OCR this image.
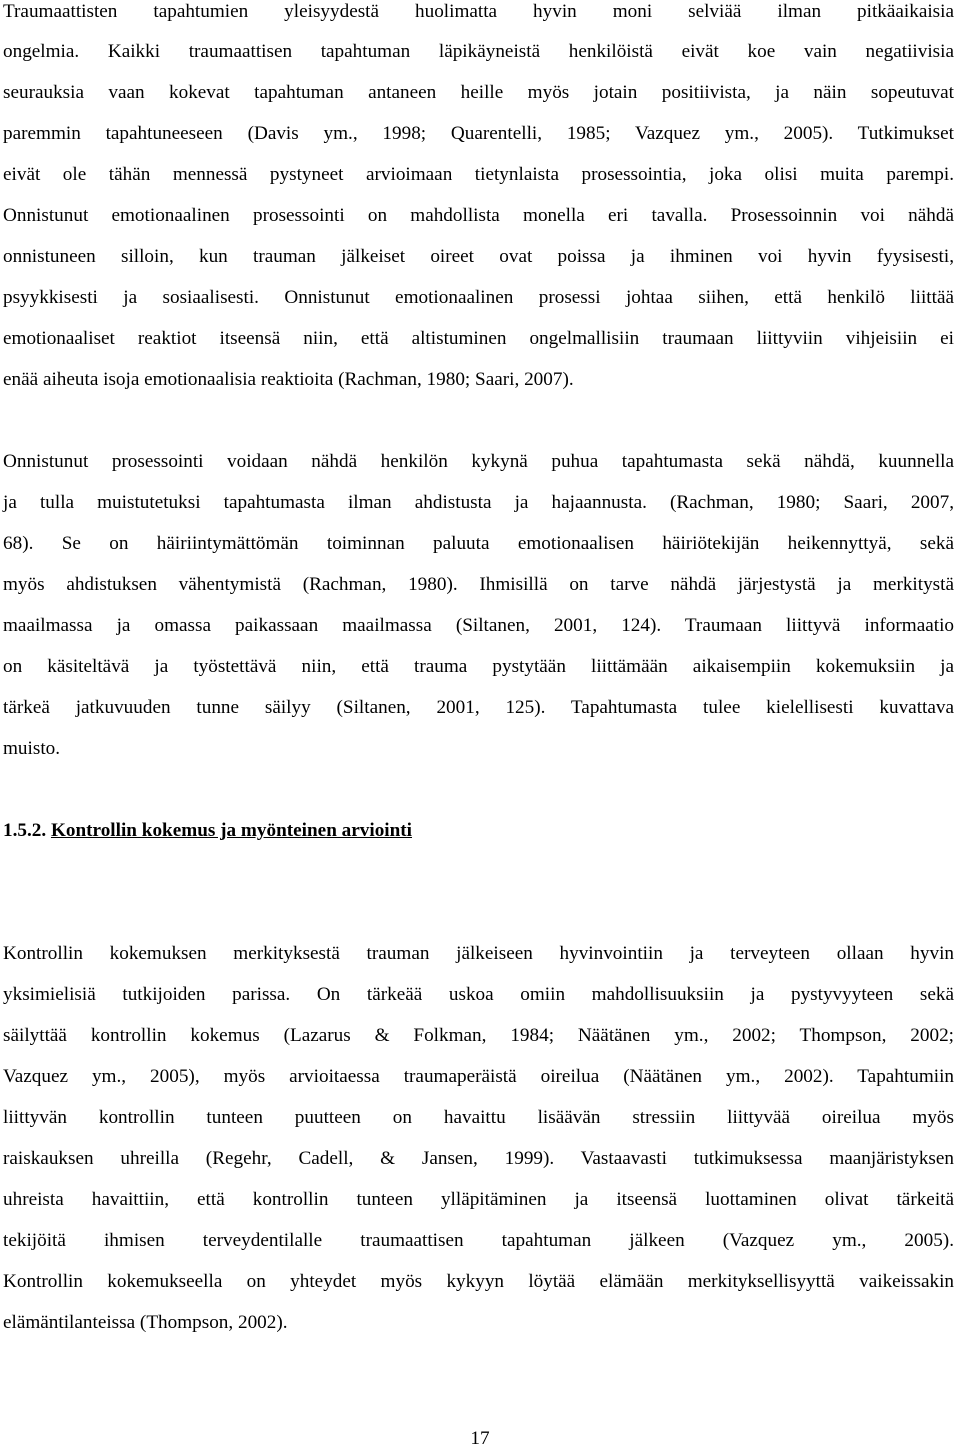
Traumaattisten tapahtumien yleisyydestä huolimatta hyvin moni selviää ilman pitkäaikaisia
ongelmia. Kaikki traumaattisen tapahtuman läpikäyneistä henkilöistä eivät koe vain negatiivisia
seurauksia vaan kokevat tapahtuman antaneen heille myös jotain positiivista, ja näin sopeutuvat
paremmin tapahtuneeseen (Davis ym., 1998; Quarentelli, 1985; Vazquez ym., 2005). Tutkimukset
eivät ole tähän mennessä pystyneet arvioimaan tietynlaista prosessointia, joka olisi muita parempi.
Onnistunut emotionaalinen prosessointi on mahdollista monella eri tavalla. Prosessoinnin voi nähdä
onnistuneen silloin, kun trauman jälkeiset oireet ovat poissa ja ihminen voi hyvin fyysisesti,
psyykkisesti ja sosiaalisesti. Onnistunut emotionaalinen prosessi johtaa siihen, että henkilö liittää
emotionaaliset reaktiot itseensä niin, että altistuminen ongelmallisiin traumaan liittyviin vihjeisiin ei
enää aiheuta isoja emotionaalisia reaktioita (Rachman, 1980; Saari, 2007).
Onnistunut prosessointi voidaan nähdä henkilön kykynä puhua tapahtumasta sekä nähdä, kuunnella
ja tulla muistutetuksi tapahtumasta ilman ahdistusta ja hajaannusta. (Rachman, 1980; Saari, 2007,
68). Se on häiriintymättömän toiminnan paluuta emotionaalisen häiriötekijän heikennyttyä, sekä
myös ahdistuksen vähentymistä (Rachman, 1980). Ihmisillä on tarve nähdä järjestystä ja merkitystä
maailmassa ja omassa paikassaan maailmassa (Siltanen, 2001, 124). Traumaan liittyvä informaatio
on käsiteltävä ja työstettävä niin, että trauma pystytään liittämään aikaisempiin kokemuksiin ja
tärkeä jatkuvuuden tunne säilyy (Siltanen, 2001, 125). Tapahtumasta tulee kielellisesti kuvattava
muisto.
1.5.2. Kontrollin kokemus ja myönteinen arviointi
Kontrollin kokemuksen merkityksestä trauman jälkeiseen hyvinvointiin ja terveyteen ollaan hyvin
yksimielisiä tutkijoiden parissa. On tärkeää uskoa omiin mahdollisuuksiin ja pystyvyyteen sekä
säilyttää kontrollin kokemus (Lazarus & Folkman, 1984; Näätänen ym., 2002; Thompson, 2002;
Vazquez ym., 2005), myös arvioitaessa traumaperäistä oireilua (Näätänen ym., 2002). Tapahtumiin
liittyvän kontrollin tunteen puutteen on havaittu lisäävän stressiin liittyvää oireilua myös
raiskauksen uhreilla (Regehr, Cadell, & Jansen, 1999). Vastaavasti tutkimuksessa maanjäristyksen
uhreista havaittiin, että kontrollin tunteen ylläpitäminen ja itseensä luottaminen olivat tärkeitä
tekijöitä ihmisen terveydentilalle traumaattisen tapahtuman jälkeen (Vazquez ym., 2005).
Kontrollin kokemukseella on yhteydet myös kykyyn löytää elämään merkityksellisyyttä vaikeissakin
elämäntilanteissa (Thompson, 2002).
17
